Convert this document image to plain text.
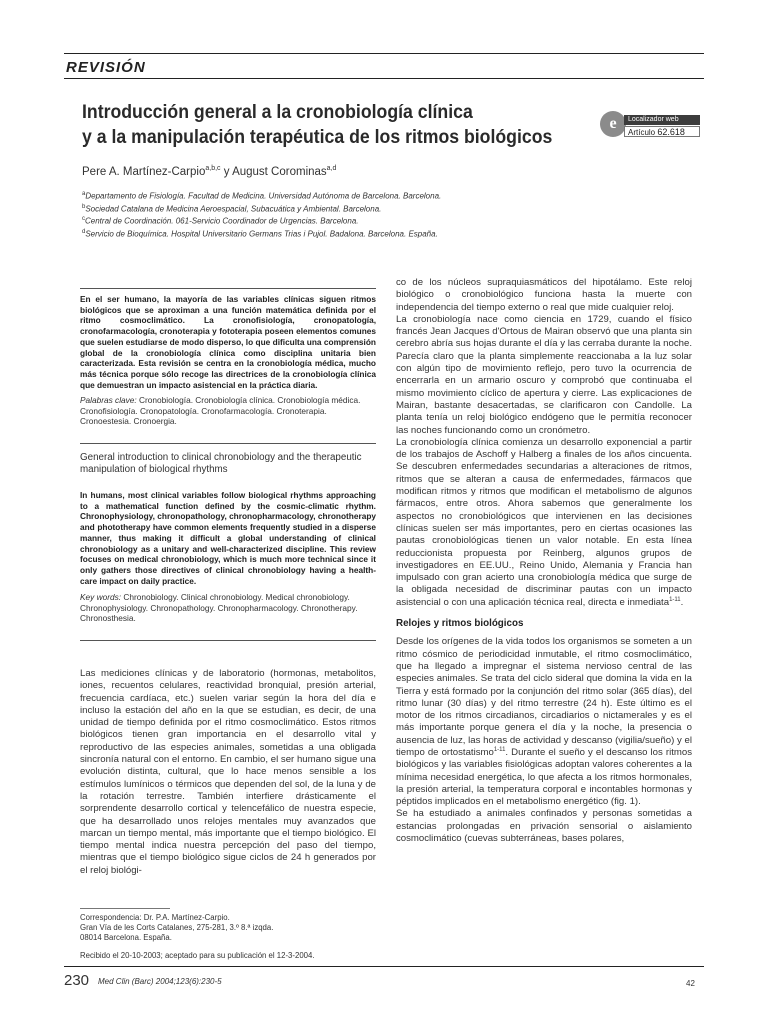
REVISIÓN
Introducción general a la cronobiología clínica
y a la manipulación terapéutica de los ritmos biológicos
e	Localizador web
Artículo 62.618
Pere A. Martínez-Carpio$^{a,b,c}$ y August Corominas$^{a,d}$
$^a$Departamento de Fisiología. Facultad de Medicina. Universidad Autónoma de Barcelona. Barcelona.
$^b$Sociedad Catalana de Medicina Aeroespacial, Subacuática y Ambiental. Barcelona.
$^c$Central de Coordinación. 061-Servicio Coordinador de Urgencias. Barcelona.
$^d$Servicio de Bioquímica. Hospital Universitario Germans Trias i Pujol. Badalona. Barcelona. España.
En el ser humano, la mayoría de las variables clínicas siguen ritmos biológicos que se aproximan a una función matemática definida por el ritmo cosmoclimático. La cronofisiología, cronopatología, cronofarmacología, cronoterapia y fototerapia poseen elementos comunes que suelen estudiarse de modo disperso, lo que dificulta una comprensión global de la cronobiología clínica como disciplina unitaria bien caracterizada. Esta revisión se centra en la cronobiología médica, mucho más técnica porque sólo recoge las directrices de la cronobiología clínica que demuestran un impacto asistencial en la práctica diaria.
Palabras clave: Cronobiología. Cronobiología clínica. Cronobiología médica. Cronofisiología. Cronopatología. Cronofarmacología. Cronoterapia. Cronoestesia. Cronoergia.
General introduction to clinical chronobiology and the therapeutic manipulation of biological rhythms
In humans, most clinical variables follow biological rhythms approaching to a mathematical function defined by the cosmic-climatic rhythm. Chronophysiology, chronopathology, chronopharmacology, chronotherapy and phototherapy have common elements frequently studied in a disperse manner, thus making it difficult a global understanding of clinical chronobiology as a unitary and well-characterized discipline. This review focuses on medical chronobiology, which is much more technical since it only gathers those directives of clinical chronobiology having a health-care impact on daily practice.
Key words: Chronobiology. Clinical chronobiology. Medical chronobiology. Chronophysiology. Chronopathology. Chronopharmacology. Chronotherapy. Chronosthesia.

Las mediciones clínicas y de laboratorio (hormonas, metabolitos, iones, recuentos celulares, reactividad bronquial, presión arterial, frecuencia cardíaca, etc.) suelen variar según la hora del día e incluso la estación del año en la que se estudian, es decir, de una unidad de tiempo definida por el ritmo cosmoclimático. Estos ritmos biológicos tienen gran importancia en el desarrollo vital y reproductivo de las especies animales, sometidas a una obligada sincronía natural con el entorno. En cambio, el ser humano sigue una evolución distinta, cultural, que lo hace menos sensible a los estímulos lumínicos o térmicos que dependen del sol, de la luna y de la rotación terrestre. También interfiere drásticamente el sorprendente desarrollo cortical y telencefálico de nuestra especie, que ha desarrollado unos relojes mentales muy avanzados que marcan un tiempo mental, más importante que el tiempo biológico. El tiempo mental indica nuestra percepción del paso del tiempo, mientras que el tiempo biológico sigue ciclos de 24 h generados por el reloj biológi-

Correspondencia: Dr. P.A. Martínez-Carpio.
Gran Vía de les Corts Catalanes, 275-281, 3.º 8.ª izqda.
08014 Barcelona. España.
Recibido el 20-10-2003; aceptado para su publicación el 12-3-2004.

co de los núcleos supraquiasmáticos del hipotálamo. Este reloj biológico o cronobiológico funciona hasta la muerte con independencia del tiempo externo o real que mide cualquier reloj.

La cronobiología nace como ciencia en 1729, cuando el físico francés Jean Jacques d'Ortous de Mairan observó que una planta sin cerebro abría sus hojas durante el día y las cerraba durante la noche. Parecía claro que la planta simplemente reaccionaba a la luz solar con algún tipo de movimiento reflejo, pero tuvo la ocurrencia de encerrarla en un armario oscuro y comprobó que continuaba el mismo movimiento cíclico de apertura y cierre. Las explicaciones de Mairan, bastante desacertadas, se clarificaron con Candolle. La planta tenía un reloj biológico endógeno que le permitía reconocer las noches funcionando como un cronómetro.

La cronobiología clínica comienza un desarrollo exponencial a partir de los trabajos de Aschoff y Halberg a finales de los años cincuenta. Se descubren enfermedades secundarias a alteraciones de ritmos, ritmos que se alteran a causa de enfermedades, fármacos que modifican ritmos y ritmos que modifican el metabolismo de algunos fármacos, entre otros. Ahora sabemos que generalmente los aspectos no cronobiológicos que intervienen en las decisiones clínicas suelen ser más importantes, pero en ciertas ocasiones las pautas cronobiológicas tienen un valor notable. En esta línea reduccionista propuesta por Reinberg, algunos grupos de investigadores en EE.UU., Reino Unido, Alemania y Francia han impulsado con gran acierto una cronobiología médica que surge de la obligada necesidad de discriminar pautas con un impacto asistencial o con una aplicación técnica real, directa e inmediata$^{1-11}$.

Relojes y ritmos biológicos

Desde los orígenes de la vida todos los organismos se someten a un ritmo cósmico de periodicidad inmutable, el ritmo cosmoclimático, que ha llegado a impregnar el sistema nervioso central de las especies animales. Se trata del ciclo sideral que domina la vida en la Tierra y está formado por la conjunción del ritmo solar (365 días), del ritmo lunar (30 días) y del ritmo terrestre (24 h). Este último es el motor de los ritmos circadianos, circadiarios o nictamerales y es el más importante porque genera el día y la noche, la presencia o ausencia de luz, las horas de actividad y descanso (vigilia/sueño) y el tiempo de ortostatismo$^{1-11}$. Durante el sueño y el descanso los ritmos biológicos y las variables fisiológicas adoptan valores coherentes a la mínima necesidad energética, lo que afecta a los ritmos hormonales, la presión arterial, la temperatura corporal e incontables hormonas y péptidos implicados en el metabolismo energético (fig. 1).

Se ha estudiado a animales confinados y personas sometidas a estancias prolongadas en privación sensorial o aislamiento cosmoclimático (cuevas subterráneas, bases polares,

230 Med Clin (Barc) 2004;123(6):230-5	42
